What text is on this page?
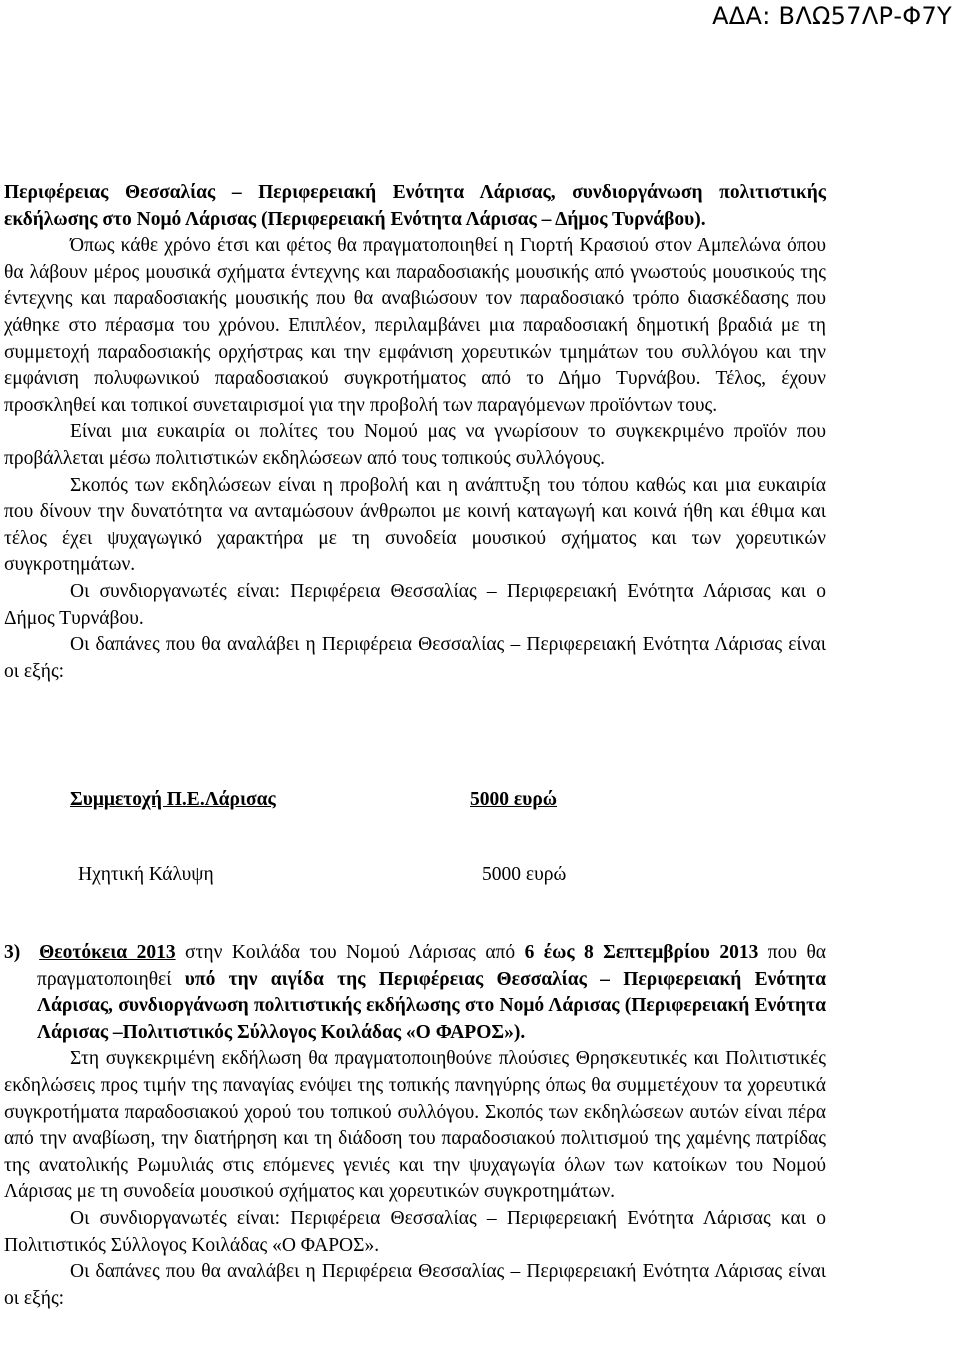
ΑΔΑ: ΒΛΩ57ΛΡ-Φ7Υ

Περιφέρειας Θεσσαλίας – Περιφερειακή Ενότητα Λάρισας, συνδιοργάνωση πολιτιστικής εκδήλωσης στο Νομό Λάρισας (Περιφερειακή Ενότητα Λάρισας – Δήμος Τυρνάβου).

Όπως κάθε χρόνο έτσι και φέτος θα πραγματοποιηθεί η Γιορτή Κρασιού στον Αμπελώνα όπου θα λάβουν μέρος μουσικά σχήματα έντεχνης και παραδοσιακής μουσικής από γνωστούς μουσικούς της έντεχνης και παραδοσιακής μουσικής που θα αναβιώσουν τον παραδοσιακό τρόπο διασκέδασης που χάθηκε στο πέρασμα του χρόνου. Επιπλέον, περιλαμβάνει μια παραδοσιακή δημοτική βραδιά με τη συμμετοχή παραδοσιακής ορχήστρας και την εμφάνιση χορευτικών τμημάτων του συλλόγου και την εμφάνιση πολυφωνικού παραδοσιακού συγκροτήματος από το Δήμο Τυρνάβου. Τέλος, έχουν προσκληθεί και τοπικοί συνεταιρισμοί για την προβολή των παραγόμενων προϊόντων τους.

Είναι μια ευκαιρία οι πολίτες του Νομού μας να γνωρίσουν το συγκεκριμένο προϊόν που προβάλλεται μέσω πολιτιστικών εκδηλώσεων από τους τοπικούς συλλόγους.

Σκοπός των εκδηλώσεων είναι η προβολή και η ανάπτυξη του τόπου καθώς και μια ευκαιρία που δίνουν την δυνατότητα να ανταμώσουν άνθρωποι με κοινή καταγωγή και κοινά ήθη και έθιμα και τέλος έχει ψυχαγωγικό χαρακτήρα με τη συνοδεία μουσικού σχήματος και των χορευτικών συγκροτημάτων.

Οι συνδιοργανωτές είναι: Περιφέρεια Θεσσαλίας – Περιφερειακή Ενότητα Λάρισας και ο Δήμος Τυρνάβου.

Οι δαπάνες που θα αναλάβει η Περιφέρεια Θεσσαλίας – Περιφερειακή Ενότητα Λάρισας είναι οι εξής:

Συμμετοχή Π.Ε.Λάρισας	5000 ευρώ
Ηχητική Κάλυψη	5000 ευρώ

3) Θεοτόκεια 2013 στην Κοιλάδα του Νομού Λάρισας από 6 έως 8 Σεπτεμβρίου 2013 που θα πραγματοποιηθεί υπό την αιγίδα της Περιφέρειας Θεσσαλίας – Περιφερειακή Ενότητα Λάρισας, συνδιοργάνωση πολιτιστικής εκδήλωσης στο Νομό Λάρισας (Περιφερειακή Ενότητα Λάρισας –Πολιτιστικός Σύλλογος Κοιλάδας «Ο ΦΑΡΟΣ»).

Στη συγκεκριμένη εκδήλωση θα πραγματοποιηθούνε πλούσιες Θρησκευτικές και Πολιτιστικές εκδηλώσεις προς τιμήν της παναγίας ενόψει της τοπικής πανηγύρης όπως θα συμμετέχουν τα χορευτικά συγκροτήματα παραδοσιακού χορού του τοπικού συλλόγου. Σκοπός των εκδηλώσεων αυτών είναι πέρα από την αναβίωση, την διατήρηση και τη διάδοση του παραδοσιακού πολιτισμού της χαμένης πατρίδας της ανατολικής Ρωμυλιάς στις επόμενες γενιές και την ψυχαγωγία όλων των κατοίκων του Νομού Λάρισας με τη συνοδεία μουσικού σχήματος και χορευτικών συγκροτημάτων.

Οι συνδιοργανωτές είναι: Περιφέρεια Θεσσαλίας – Περιφερειακή Ενότητα Λάρισας και ο Πολιτιστικός Σύλλογος Κοιλάδας «Ο ΦΑΡΟΣ».

Οι δαπάνες που θα αναλάβει η Περιφέρεια Θεσσαλίας – Περιφερειακή Ενότητα Λάρισας είναι οι εξής:
